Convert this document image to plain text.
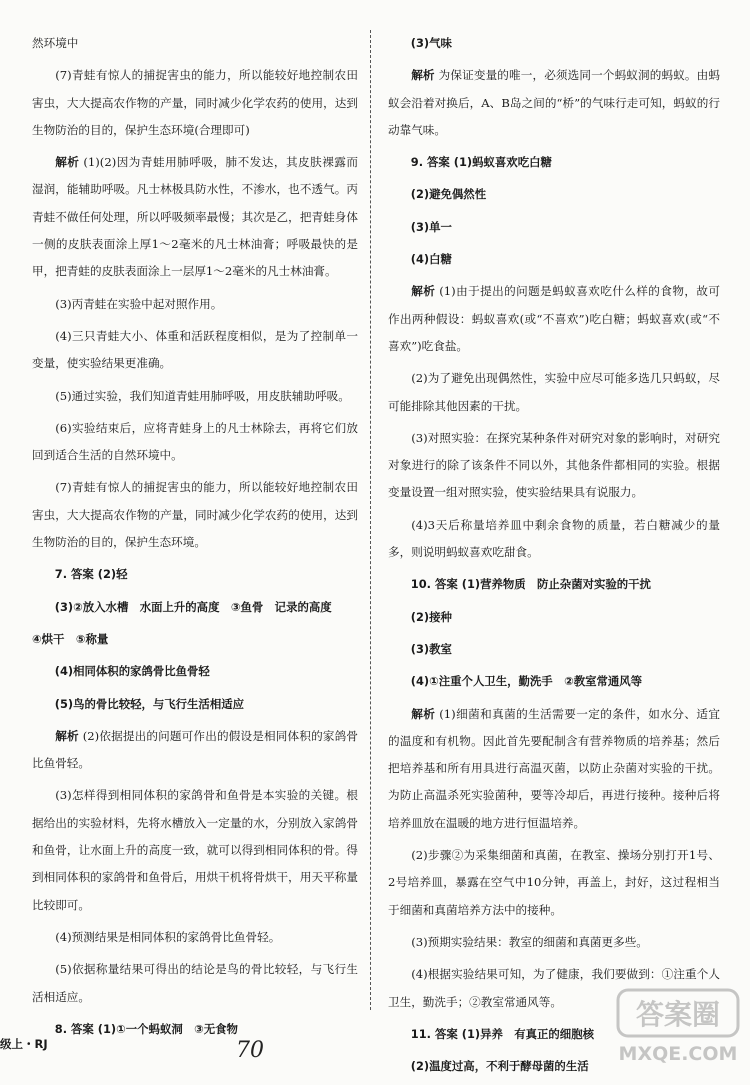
然环境中

(7)青蛙有惊人的捕捉害虫的能力，所以能较好地控制农田害虫，大大提高农作物的产量，同时减少化学农药的使用，达到生物防治的目的，保护生态环境(合理即可)

解析 (1)(2)因为青蛙用肺呼吸，肺不发达，其皮肤裸露而湿润，能辅助呼吸。凡士林极具防水性，不渗水，也不透气。丙青蛙不做任何处理，所以呼吸频率最慢；其次是乙，把青蛙身体一侧的皮肤表面涂上厚1～2毫米的凡士林油膏；呼吸最快的是甲，把青蛙的皮肤表面涂上一层厚1～2毫米的凡士林油膏。

(3)丙青蛙在实验中起对照作用。

(4)三只青蛙大小、体重和活跃程度相似，是为了控制单一变量，使实验结果更准确。

(5)通过实验，我们知道青蛙用肺呼吸，用皮肤辅助呼吸。

(6)实验结束后，应将青蛙身上的凡士林除去，再将它们放回到适合生活的自然环境中。

(7)青蛙有惊人的捕捉害虫的能力，所以能较好地控制农田害虫，大大提高农作物的产量，同时减少化学农药的使用，达到生物防治的目的，保护生态环境。

7. 答案 (2)轻

(3)②放入水槽　水面上升的高度　③鱼骨　记录的高度

④烘干　⑤称量

(4)相同体积的家鸽骨比鱼骨轻

(5)鸟的骨比较轻，与飞行生活相适应

解析 (2)依据提出的问题可作出的假设是相同体积的家鸽骨比鱼骨轻。

(3)怎样得到相同体积的家鸽骨和鱼骨是本实验的关键。根据给出的实验材料，先将水槽放入一定量的水，分别放入家鸽骨和鱼骨，让水面上升的高度一致，就可以得到相同体积的骨。得到相同体积的家鸽骨和鱼骨后，用烘干机将骨烘干，用天平称量比较即可。

(4)预测结果是相同体积的家鸽骨比鱼骨轻。

(5)依据称量结果可得出的结论是鸟的骨比较轻，与飞行生活相适应。

8. 答案 (1)①一个蚂蚁洞　③无食物

(3)气味

解析 为保证变量的唯一，必须选同一个蚂蚁洞的蚂蚁。由蚂蚁会沿着对换后，A、B岛之间的“桥”的气味行走可知，蚂蚁的行动靠气味。

9. 答案 (1)蚂蚁喜欢吃白糖

(2)避免偶然性

(3)单一

(4)白糖

解析 (1)由于提出的问题是蚂蚁喜欢吃什么样的食物，故可作出两种假设：蚂蚁喜欢(或“不喜欢”)吃白糖；蚂蚁喜欢(或“不喜欢”)吃食盐。

(2)为了避免出现偶然性，实验中应尽可能多选几只蚂蚁，尽可能排除其他因素的干扰。

(3)对照实验：在探究某种条件对研究对象的影响时，对研究对象进行的除了该条件不同以外，其他条件都相同的实验。根据变量设置一组对照实验，使实验结果具有说服力。

(4)3天后称量培养皿中剩余食物的质量，若白糖减少的量多，则说明蚂蚁喜欢吃甜食。

10. 答案 (1)营养物质　防止杂菌对实验的干扰

(2)接种

(3)教室

(4)①注重个人卫生，勤洗手　②教室常通风等

解析 (1)细菌和真菌的生活需要一定的条件，如水分、适宜的温度和有机物。因此首先要配制含有营养物质的培养基；然后把培养基和所有用具进行高温灭菌，以防止杂菌对实验的干扰。为防止高温杀死实验菌种，要等冷却后，再进行接种。接种后将培养皿放在温暖的地方进行恒温培养。

(2)步骤②为采集细菌和真菌，在教室、操场分别打开1号、2号培养皿，暴露在空气中10分钟，再盖上，封好，这过程相当于细菌和真菌培养方法中的接种。

(3)预期实验结果：教室的细菌和真菌更多些。

(4)根据实验结果可知，为了健康，我们要做到：①注重个人卫生，勤洗手；②教室常通风等。

11. 答案 (1)异养　有真正的细胞核

(2)温度过高，不利于酵母菌的生活

级上・RJ	70
答案圈
MXQE.COM
